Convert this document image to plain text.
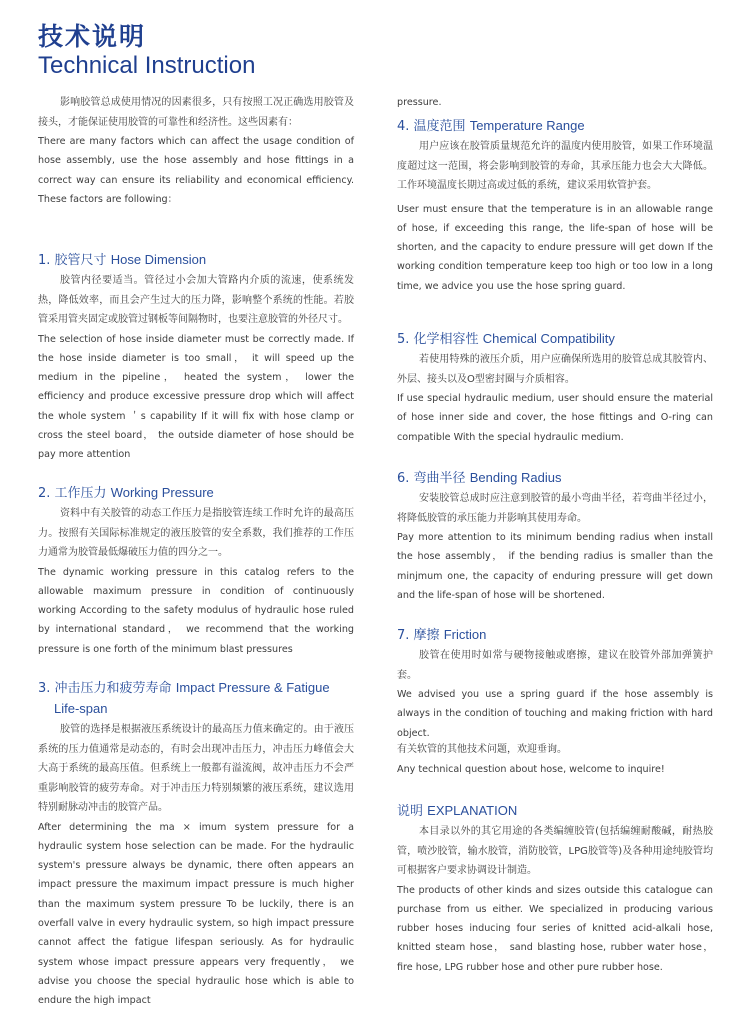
技术说明
Technical Instruction

影响胶管总成使用情况的因素很多，只有按照工况正确选用胶管及接头，才能保证使用胶管的可靠性和经济性。这些因素有：

There are many factors which can affect the usage condition of hose assembly, use the hose assembly and hose fittings in a correct way can ensure its reliability and economical efficiency. These factors are following：

1. 胶管尺寸 Hose Dimension

胶管内径要适当。管径过小会加大管路内介质的流速，使系统发热，降低效率，而且会产生过大的压力降，影响整个系统的性能。若胶管采用管夹固定或胶管过钢板等间隔物时，也要注意胶管的外径尺寸。

The selection of hose inside diameter must be correctly made. If the hose inside diameter is too small， it will speed up the medium in the pipeline， heated the system， lower the efficiency and produce excessive pressure drop which will affect the whole system ＇s capability If it will fix with hose clamp or cross the steel board， the outside diameter of hose should be pay more attention

2. 工作压力 Working Pressure

资料中有关胶管的动态工作压力是指胶管连续工作时允许的最高压力。按照有关国际标准规定的液压胶管的安全系数，我们推荐的工作压力通常为胶管最低爆破压力值的四分之一。

The dynamic working pressure in this catalog refers to the allowable maximum pressure in condition of continuously working According to the safety modulus of hydraulic hose ruled by international standard， we recommend that the working pressure is one forth of the minimum blast pressures

3. 冲击压力和疲劳寿命 Impact Pressure & Fatigue

Life-span

胶管的选择是根据液压系统设计的最高压力值来确定的。由于液压系统的压力值通常是动态的，有时会出现冲击压力，冲击压力峰值会大大高于系统的最高压值。但系统上一般都有溢流阀，故冲击压力不会严重影响胶管的疲劳寿命。对于冲击压力特别频繁的液压系统，建议选用特别耐脉动冲击的胶管产品。

After determining the ma × imum system pressure for a hydraulic system hose selection can be made. For the hydraulic system's pressure always be dynamic, there often appears an impact pressure the maximum impact pressure is much higher than the maximum system pressure To be luckily, there is an overfall valve in every hydraulic system, so high impact pressure cannot affect the fatigue lifespan seriously. As for hydraulic system whose impact pressure appears very frequently， we advise you choose the special hydraulic hose which is able to endure the high impact

pressure.

4. 温度范围 Temperature Range

用户应该在胶管质量规范允许的温度内使用胶管，如果工作环境温度超过这一范围，将会影响到胶管的寿命，其承压能力也会大大降低。工作环境温度长期过高或过低的系统，建议采用软管护套。

User must ensure that the temperature is in an allowable range of hose, if exceeding this range, the life-span of hose will be shorten, and the capacity to endure pressure will get down If the working condition temperature keep too high or too low in a long time, we advice you use the hose spring guard.

5. 化学相容性 Chemical Compatibility

若使用特殊的液压介质，用户应确保所选用的胶管总成其胶管内、外层、接头以及O型密封圈与介质相容。

If use special hydraulic medium, user should ensure the material of hose inner side and cover, the hose fittings and O-ring can compatible With the special hydraulic medium.

6. 弯曲半径 Bending Radius

安装胶管总成时应注意到胶管的最小弯曲半径，若弯曲半径过小，将降低胶管的承压能力并影响其使用寿命。

Pay more attention to its minimum bending radius when install the hose assembly， if the bending radius is smaller than the minjmum one, the capacity of enduring pressure will get down and the life-span of hose will be shortened.

7. 摩擦 Friction

胶管在使用时如常与硬物接触或磨擦，建议在胶管外部加弹簧护套。

We advised you use a spring guard if the hose assembly is always in the condition of touching and making friction with hard object.

有关软管的其他技术问题，欢迎垂询。

Any technical question about hose, welcome to inquire!

说明 EXPLANATION

本目录以外的其它用途的各类编缠胶管(包括编缠耐酸碱，耐热胶管，喷沙胶管，输水胶管，消防胶管，LPG胶管等)及各种用途纯胶管均可根据客户要求协调设计制造。

The products of other kinds and sizes outside this catalogue can purchase from us either. We specialized in producing various rubber hoses inducing four series of knitted acid-alkali hose, knitted steam hose， sand blasting hose, rubber water hose， fire hose, LPG rubber hose and other pure rubber hose.
